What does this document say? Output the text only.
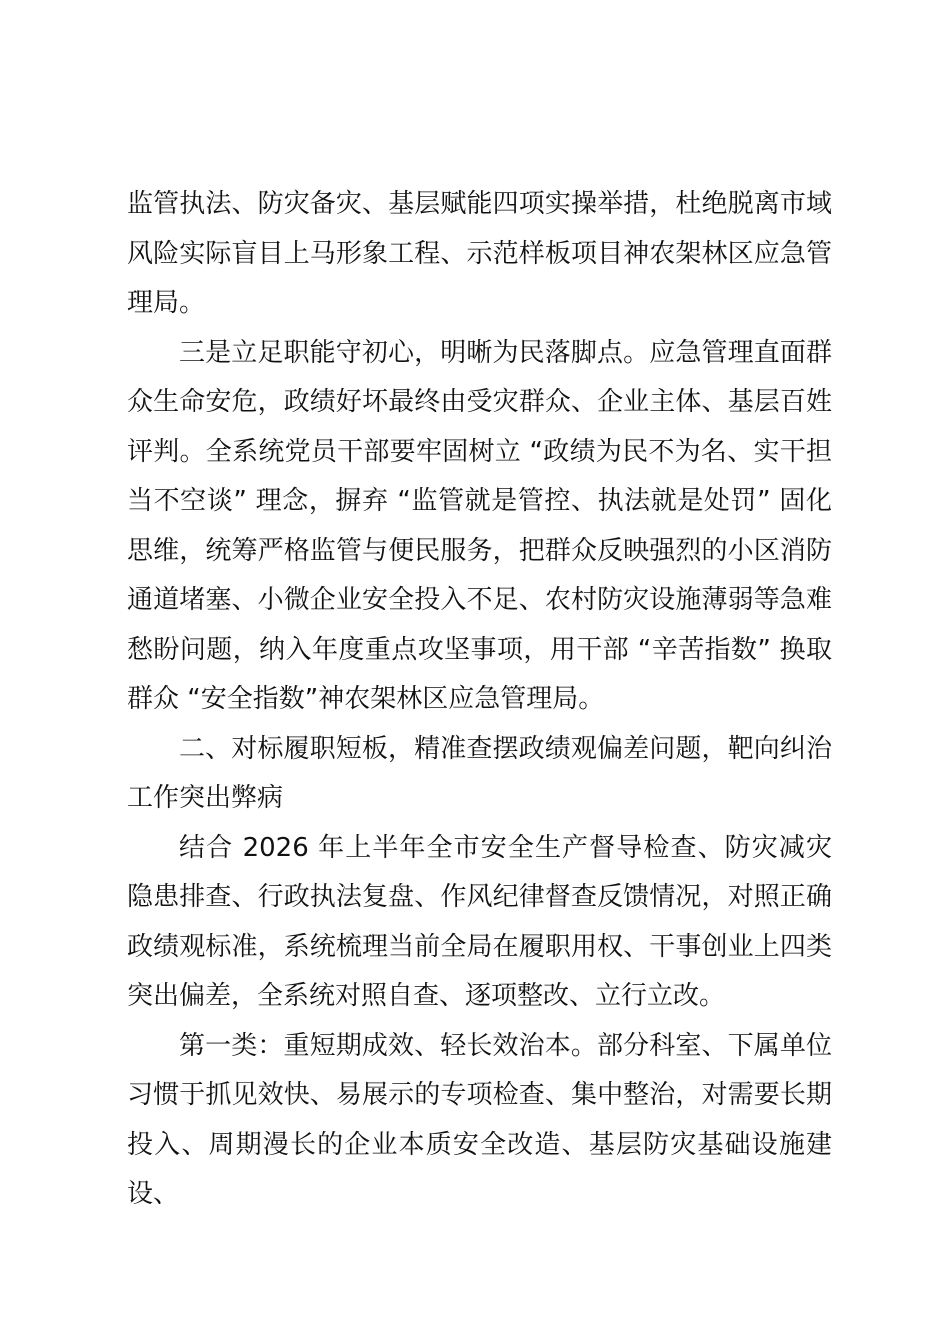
监管执法、防灾备灾、基层赋能四项实操举措，杜绝脱离市域风险实际盲目上马形象工程、示范样板项目神农架林区应急管理局。

三是立足职能守初心，明晰为民落脚点。应急管理直面群众生命安危，政绩好坏最终由受灾群众、企业主体、基层百姓评判。全系统党员干部要牢固树立 “政绩为民不为名、实干担当不空谈” 理念，摒弃 “监管就是管控、执法就是处罚” 固化思维，统筹严格监管与便民服务，把群众反映强烈的小区消防通道堵塞、小微企业安全投入不足、农村防灾设施薄弱等急难愁盼问题，纳入年度重点攻坚事项，用干部 “辛苦指数” 换取群众 “安全指数”神农架林区应急管理局。

二、对标履职短板，精准查摆政绩观偏差问题，靶向纠治工作突出弊病

结合 2026 年上半年全市安全生产督导检查、防灾减灾隐患排查、行政执法复盘、作风纪律督查反馈情况，对照正确政绩观标准，系统梳理当前全局在履职用权、干事创业上四类突出偏差，全系统对照自查、逐项整改、立行立改。

第一类：重短期成效、轻长效治本。部分科室、下属单位习惯于抓见效快、易展示的专项检查、集中整治，对需要长期投入、周期漫长的企业本质安全改造、基层防灾基础设施建设、
